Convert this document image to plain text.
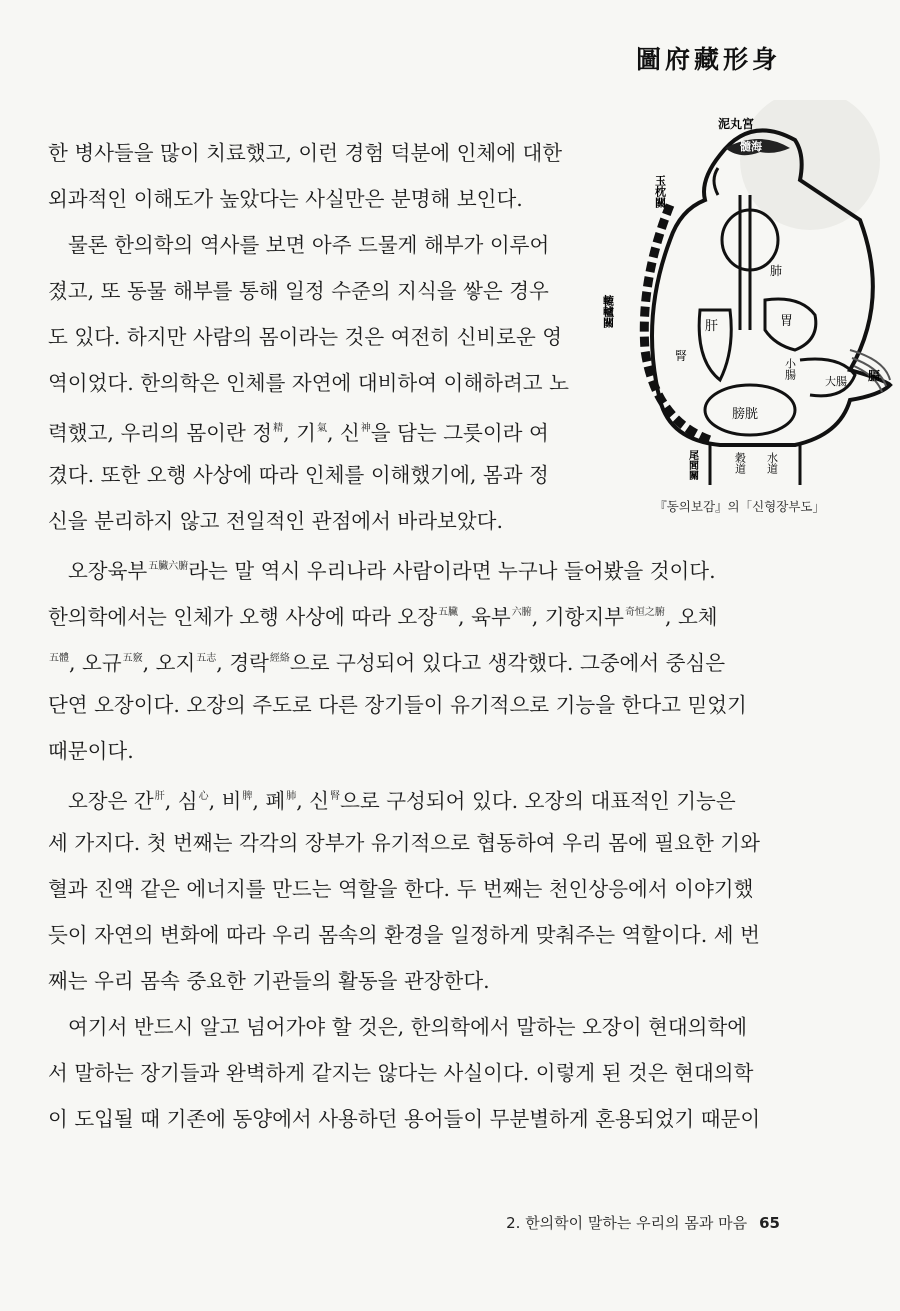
圖府藏形身
泥丸宮
髓海
玉枕關
轆轤關	肝	胃
小腸
大腸
膀胱
尾閭關	穀道 水道
肺
腎
膈
『동의보감』의「신형장부도」
한 병사들을 많이 치료했고, 이런 경험 덕분에 인체에 대한
외과적인 이해도가 높았다는 사실만은 분명해 보인다.
물론 한의학의 역사를 보면 아주 드물게 해부가 이루어
졌고, 또 동물 해부를 통해 일정 수준의 지식을 쌓은 경우
도 있다. 하지만 사람의 몸이라는 것은 여전히 신비로운 영
역이었다. 한의학은 인체를 자연에 대비하여 이해하려고 노
력했고, 우리의 몸이란 정$^精$, 기$^氣$, 신$^神$을 담는 그릇이라 여
겼다. 또한 오행 사상에 따라 인체를 이해했기에, 몸과 정
신을 분리하지 않고 전일적인 관점에서 바라보았다.
오장육부$^{五臟六腑}$라는 말 역시 우리나라 사람이라면 누구나 들어봤을 것이다.
한의학에서는 인체가 오행 사상에 따라 오장$^{五臟}$, 육부$^{六腑}$, 기항지부$^{奇恒之腑}$, 오체
$^{五體}$, 오규$^{五竅}$, 오지$^{五志}$, 경락$^{經絡}$으로 구성되어 있다고 생각했다. 그중에서 중심은
단연 오장이다. 오장의 주도로 다른 장기들이 유기적으로 기능을 한다고 믿었기
때문이다.
오장은 간$^肝$, 심$^心$, 비$^脾$, 폐$^肺$, 신$^腎$으로 구성되어 있다. 오장의 대표적인 기능은
세 가지다. 첫 번째는 각각의 장부가 유기적으로 협동하여 우리 몸에 필요한 기와
혈과 진액 같은 에너지를 만드는 역할을 한다. 두 번째는 천인상응에서 이야기했
듯이 자연의 변화에 따라 우리 몸속의 환경을 일정하게 맞춰주는 역할이다. 세 번
째는 우리 몸속 중요한 기관들의 활동을 관장한다.
여기서 반드시 알고 넘어가야 할 것은, 한의학에서 말하는 오장이 현대의학에
서 말하는 장기들과 완벽하게 같지는 않다는 사실이다. 이렇게 된 것은 현대의학
이 도입될 때 기존에 동양에서 사용하던 용어들이 무분별하게 혼용되었기 때문이
2. 한의학이 말하는 우리의 몸과 마음 65
